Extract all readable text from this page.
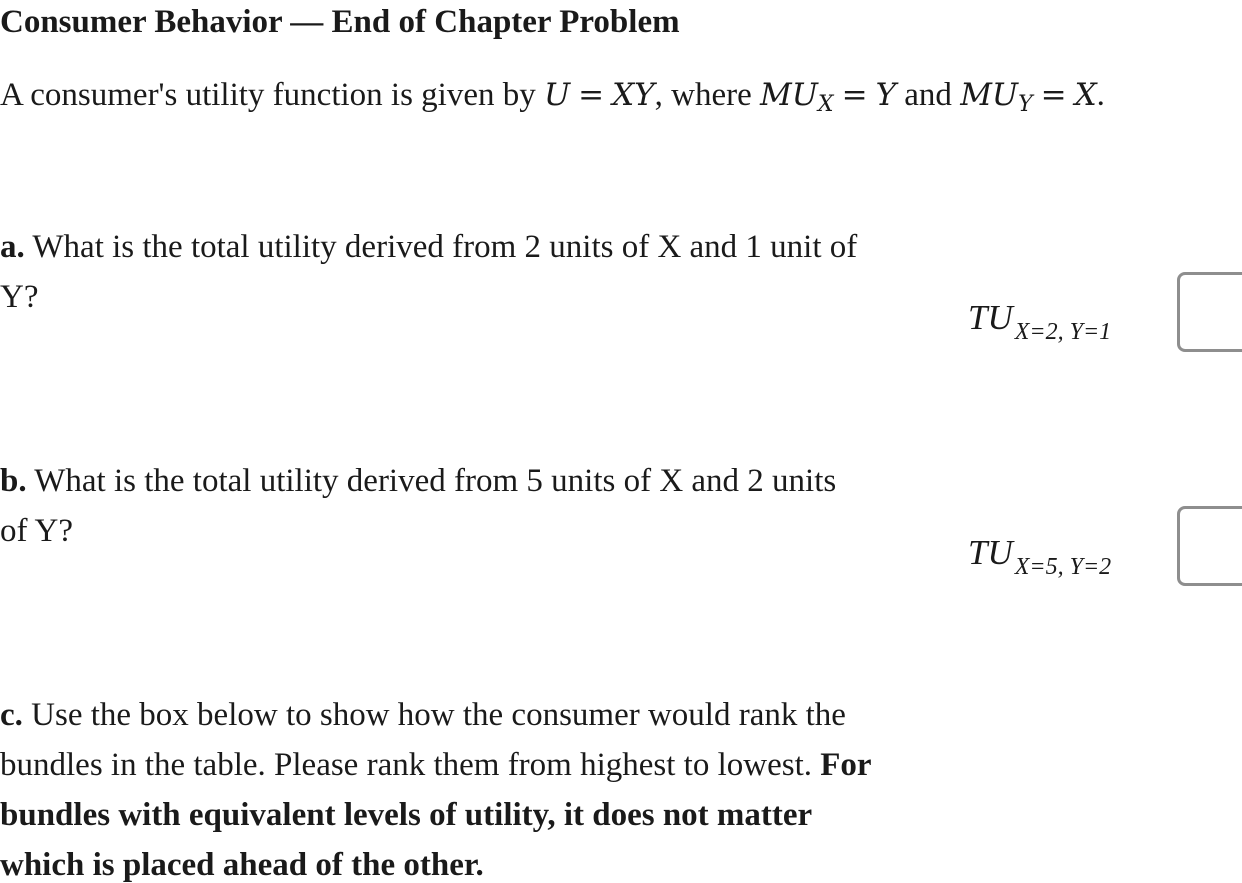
Consumer Behavior — End of Chapter Problem
A consumer's utility function is given by U = XY, where $MU_X = Y$ and $MU_Y = X$.
a. What is the total utility derived from 2 units of X and 1 unit of Y?
$TU_{X=2, Y=1}$
b. What is the total utility derived from 5 units of X and 2 units of Y?
$TU_{X=5, Y=2}$
c. Use the box below to show how the consumer would rank the bundles in the table. Please rank them from highest to lowest. For bundles with equivalent levels of utility, it does not matter which is placed ahead of the other.
